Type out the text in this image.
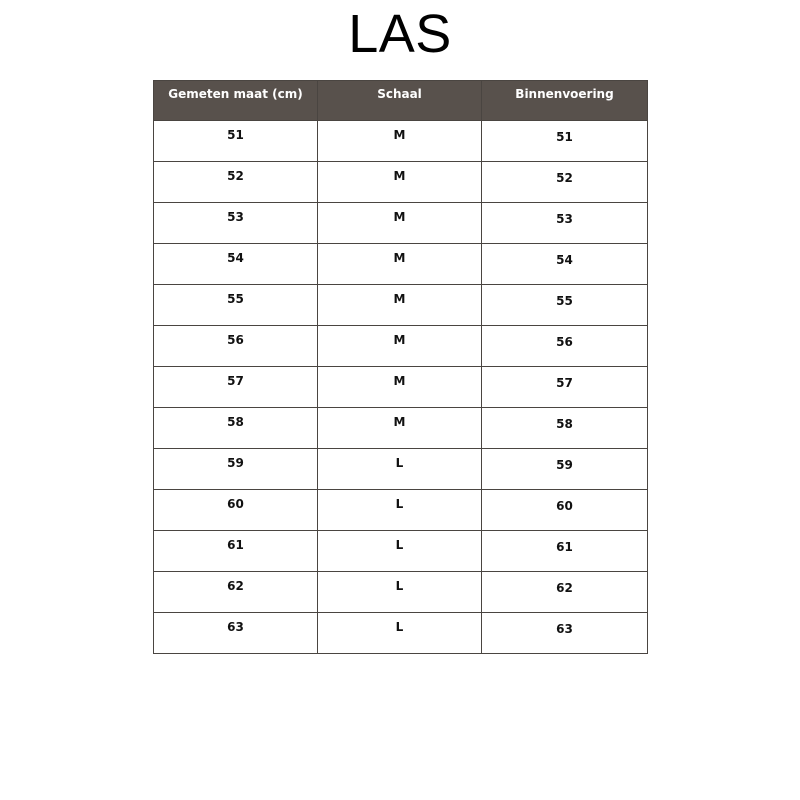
LAS
Gemeten maat (cm)	Schaal	Binnenvoering
51	M	51
52	M	52
53	M	53
54	M	54
55	M	55
56	M	56
57	M	57
58	M	58
59	L	59
60	L	60
61	L	61
62	L	62
63	L	63
